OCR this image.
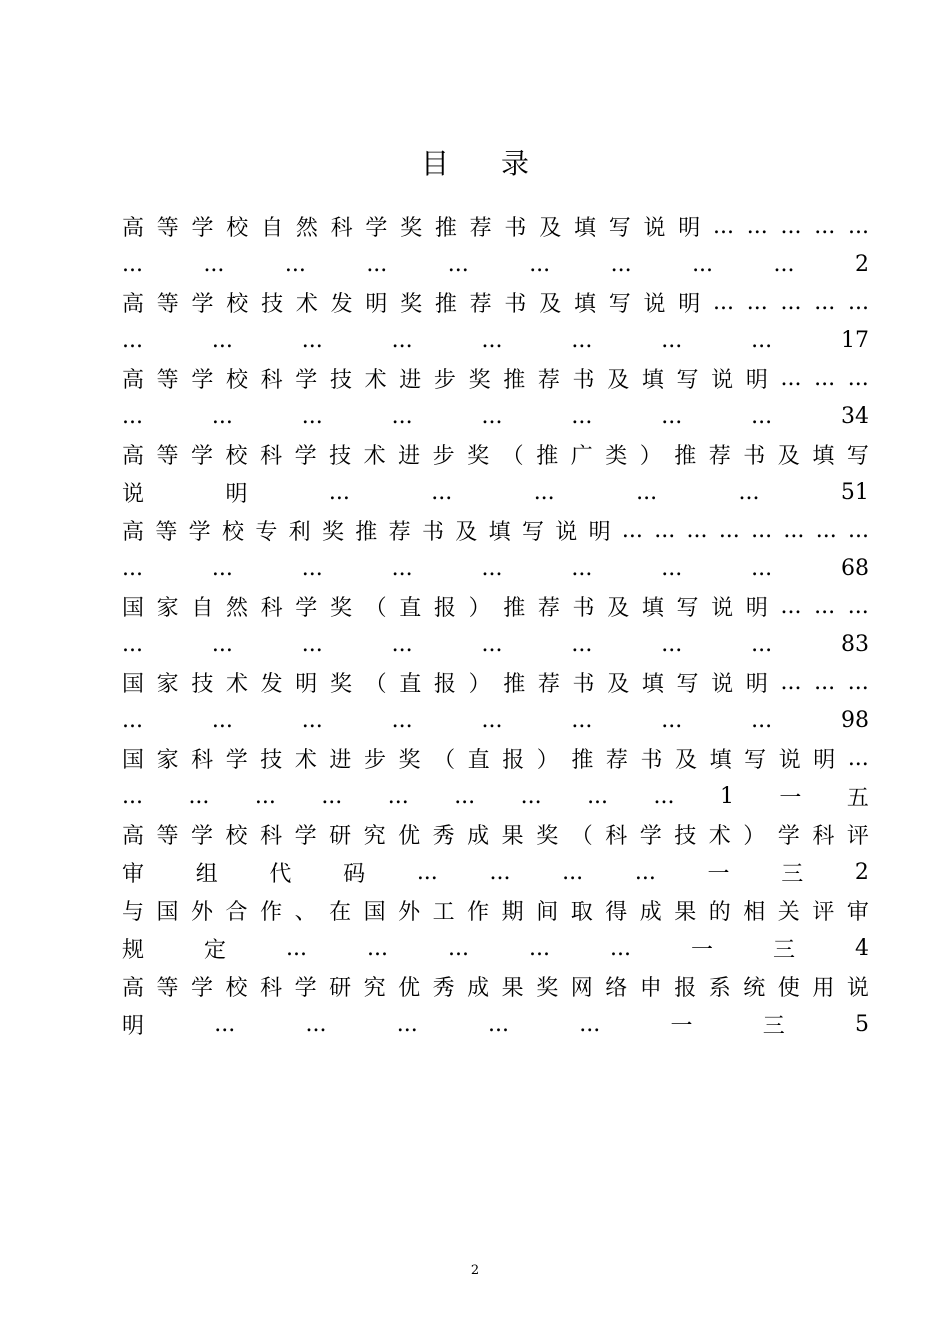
目 录
高 等 学 校 自 然 科 学 奖 推 荐 书 及 填 写 说 明 ... ... ... ... ...
...	...	...	...	...	...	...	...	...	2
高 等 学 校 技 术 发 明 奖 推 荐 书 及 填 写 说 明 ... ... ... ... ...
...	...	...	...	...	...	...	...	17
高 等 学 校 科 学 技 术 进 步 奖 推 荐 书 及 填 写 说 明 ... ... ...
...	...	...	...	...	...	...	...	34
高 等 学 校 科 学 技 术 进 步 奖 （ 推 广 类 ） 推 荐 书 及 填 写
说	明	...	...	...	...	...	51
高 等 学 校 专 利 奖 推 荐 书 及 填 写 说 明 ... ... ... ... ... ... ... ...
...	...	...	...	...	...	...	...	68
国 家 自 然 科 学 奖 （ 直 报 ） 推 荐 书 及 填 写 说 明 ... ... ...
...	...	...	...	...	...	...	...	83
国 家 技 术 发 明 奖 （ 直 报 ） 推 荐 书 及 填 写 说 明 ... ... ...
...	...	...	...	...	...	...	...	98
国 家 科 学 技 术 进 步 奖 （ 直 报 ） 推 荐 书 及 填 写 说 明 ...
... ... ... ... ... ... ... ... ... 1 一 五
高 等 学 校 科 学 研 究 优 秀 成 果 奖 （ 科 学 技 术 ） 学 科 评
审 组 代 码 ... ... ... ... 一 三 2
与 国 外 合 作 、 在 国 外 工 作 期 间 取 得 成 果 的 相 关 评 审
规	定	...	...	...	...	...	一	三	4
高 等 学 校 科 学 研 究 优 秀 成 果 奖 网 络 申 报 系 统 使 用 说
明	...	...	...	...	...	一	三	5
2
